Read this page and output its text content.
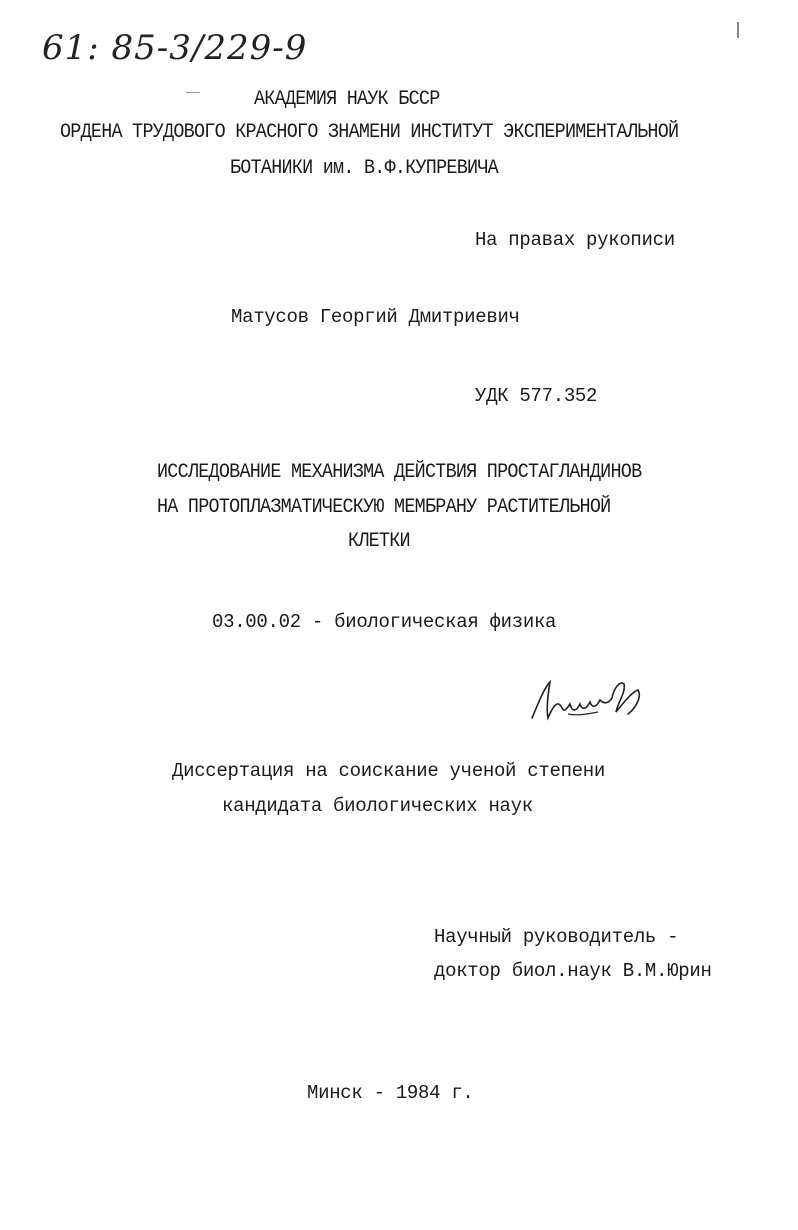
61: 85-3/229-9
АКАДЕМИЯ НАУК БССР
ОРДЕНА ТРУДОВОГО КРАСНОГО ЗНАМЕНИ ИНСТИТУТ ЭКСПЕРИМЕНТАЛЬНОЙ
БОТАНИКИ им. В.Ф.КУПРЕВИЧА
На правах рукописи
Матусов Георгий Дмитриевич
УДК 577.352
ИССЛЕДОВАНИЕ МЕХАНИЗМА ДЕЙСТВИЯ ПРОСТАГЛАНДИНОВ
НА ПРОТОПЛАЗМАТИЧЕСКУЮ МЕМБРАНУ РАСТИТЕЛЬНОЙ
КЛЕТКИ
03.00.02 - биологическая физика
Диссертация на соискание ученой степени
кандидата биологических наук
Научный руководитель -
доктор биол.наук В.М.Юрин
Минск - 1984 г.
